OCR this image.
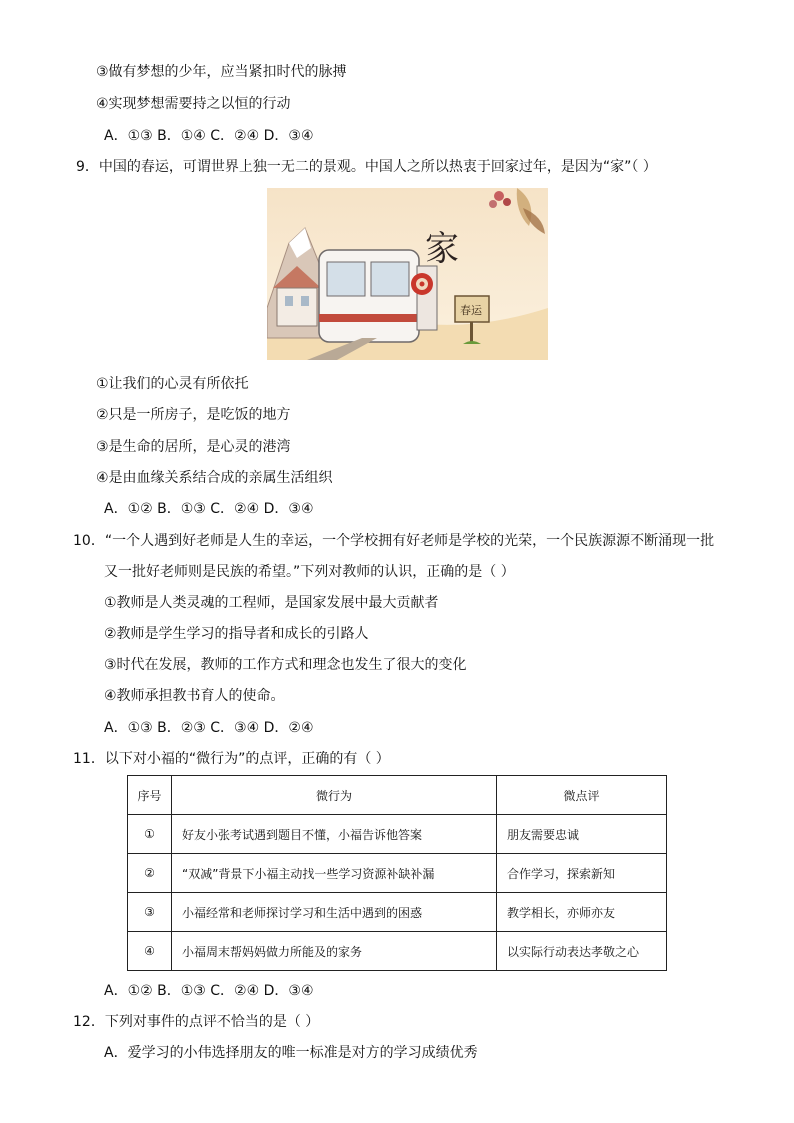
③做有梦想的少年，应当紧扣时代的脉搏
④实现梦想需要持之以恒的行动
A．①③ B．①④ C．②④ D．③④
9．中国的春运，可谓世界上独一无二的景观。中国人之所以热衷于回家过年，是因为“家”（ ）
家
春运
①让我们的心灵有所依托
②只是一所房子，是吃饭的地方
③是生命的居所，是心灵的港湾
④是由血缘关系结合成的亲属生活组织
A．①② B．①③ C．②④ D．③④
10．“一个人遇到好老师是人生的幸运，一个学校拥有好老师是学校的光荣，一个民族源源不断涌现一批
又一批好老师则是民族的希望。”下列对教师的认识，正确的是（ ）
①教师是人类灵魂的工程师，是国家发展中最大贡献者
②教师是学生学习的指导者和成长的引路人
③时代在发展，教师的工作方式和理念也发生了很大的变化
④教师承担教书育人的使命。
A．①③ B．②③ C．③④ D．②④
11．以下对小福的“微行为”的点评，正确的有（ ）
序号	微行为	微点评
①	好友小张考试遇到题目不懂，小福告诉他答案	朋友需要忠诚
②	“双减”背景下小福主动找一些学习资源补缺补漏	合作学习，探索新知
③	小福经常和老师探讨学习和生活中遇到的困惑	教学相长，亦师亦友
④	小福周末帮妈妈做力所能及的家务	以实际行动表达孝敬之心
A．①② B．①③ C．②④ D．③④
12．下列对事件的点评不恰当的是（ ）
A．爱学习的小伟选择朋友的唯一标准是对方的学习成绩优秀
